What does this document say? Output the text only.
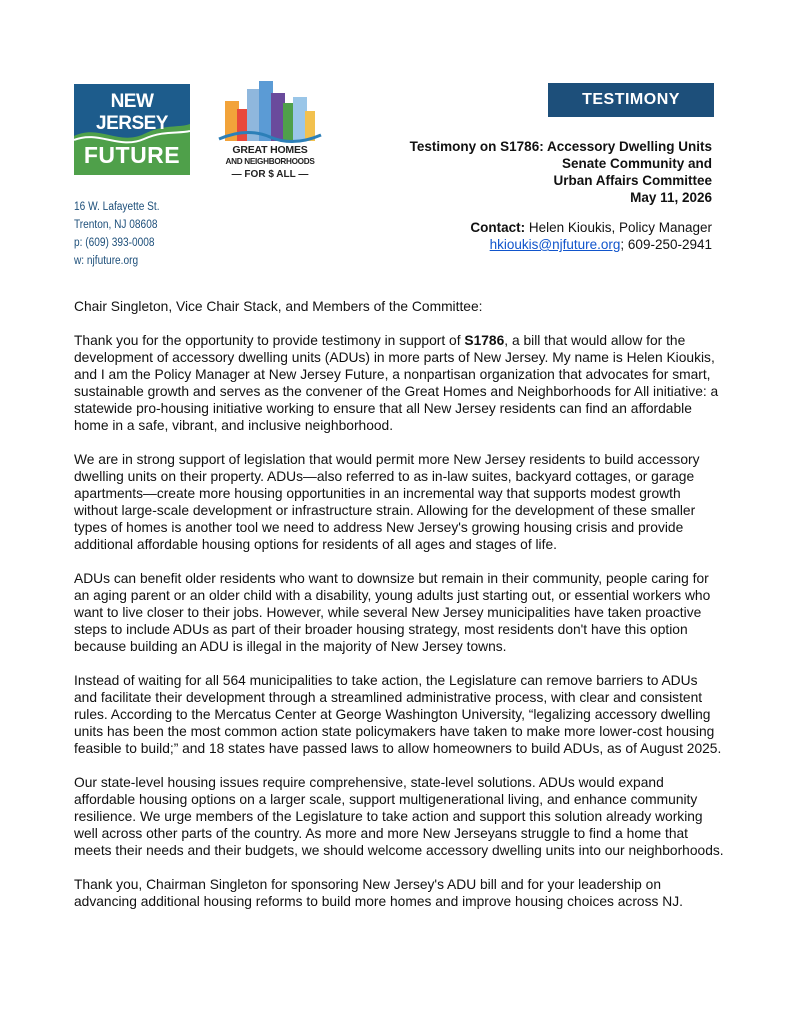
NEW JERSEY
FUTURE	GREAT HOMES
AND NEIGHBORHOODS
— FOR $ ALL —
16 W. Lafayette St.
Trenton, NJ 08608
p: (609) 393-0008
w: njfuture.org
TESTIMONY
Testimony on S1786: Accessory Dwelling Units
Senate Community and
Urban Affairs Committee
May 11, 2026
Contact: Helen Kioukis, Policy Manager
hkioukis@njfuture.org; 609-250-2941

Chair Singleton, Vice Chair Stack, and Members of the Committee:

Thank you for the opportunity to provide testimony in support of S1786, a bill that would allow for the development of accessory dwelling units (ADUs) in more parts of New Jersey. My name is Helen Kioukis, and I am the Policy Manager at New Jersey Future, a nonpartisan organization that advocates for smart, sustainable growth and serves as the convener of the Great Homes and Neighborhoods for All initiative: a statewide pro-housing initiative working to ensure that all New Jersey residents can find an affordable home in a safe, vibrant, and inclusive neighborhood.

We are in strong support of legislation that would permit more New Jersey residents to build accessory dwelling units on their property. ADUs—also referred to as in-law suites, backyard cottages, or garage apartments—create more housing opportunities in an incremental way that supports modest growth without large-scale development or infrastructure strain. Allowing for the development of these smaller types of homes is another tool we need to address New Jersey's growing housing crisis and provide additional affordable housing options for residents of all ages and stages of life.

ADUs can benefit older residents who want to downsize but remain in their community, people caring for an aging parent or an older child with a disability, young adults just starting out, or essential workers who want to live closer to their jobs. However, while several New Jersey municipalities have taken proactive steps to include ADUs as part of their broader housing strategy, most residents don't have this option because building an ADU is illegal in the majority of New Jersey towns.

Instead of waiting for all 564 municipalities to take action, the Legislature can remove barriers to ADUs and facilitate their development through a streamlined administrative process, with clear and consistent rules. According to the Mercatus Center at George Washington University, “legalizing accessory dwelling units has been the most common action state policymakers have taken to make more lower-cost housing feasible to build;” and 18 states have passed laws to allow homeowners to build ADUs, as of August 2025.

Our state-level housing issues require comprehensive, state-level solutions. ADUs would expand affordable housing options on a larger scale, support multigenerational living, and enhance community resilience. We urge members of the Legislature to take action and support this solution already working well across other parts of the country. As more and more New Jerseyans struggle to find a home that meets their needs and their budgets, we should welcome accessory dwelling units into our neighborhoods.

Thank you, Chairman Singleton for sponsoring New Jersey's ADU bill and for your leadership on advancing additional housing reforms to build more homes and improve housing choices across NJ.
